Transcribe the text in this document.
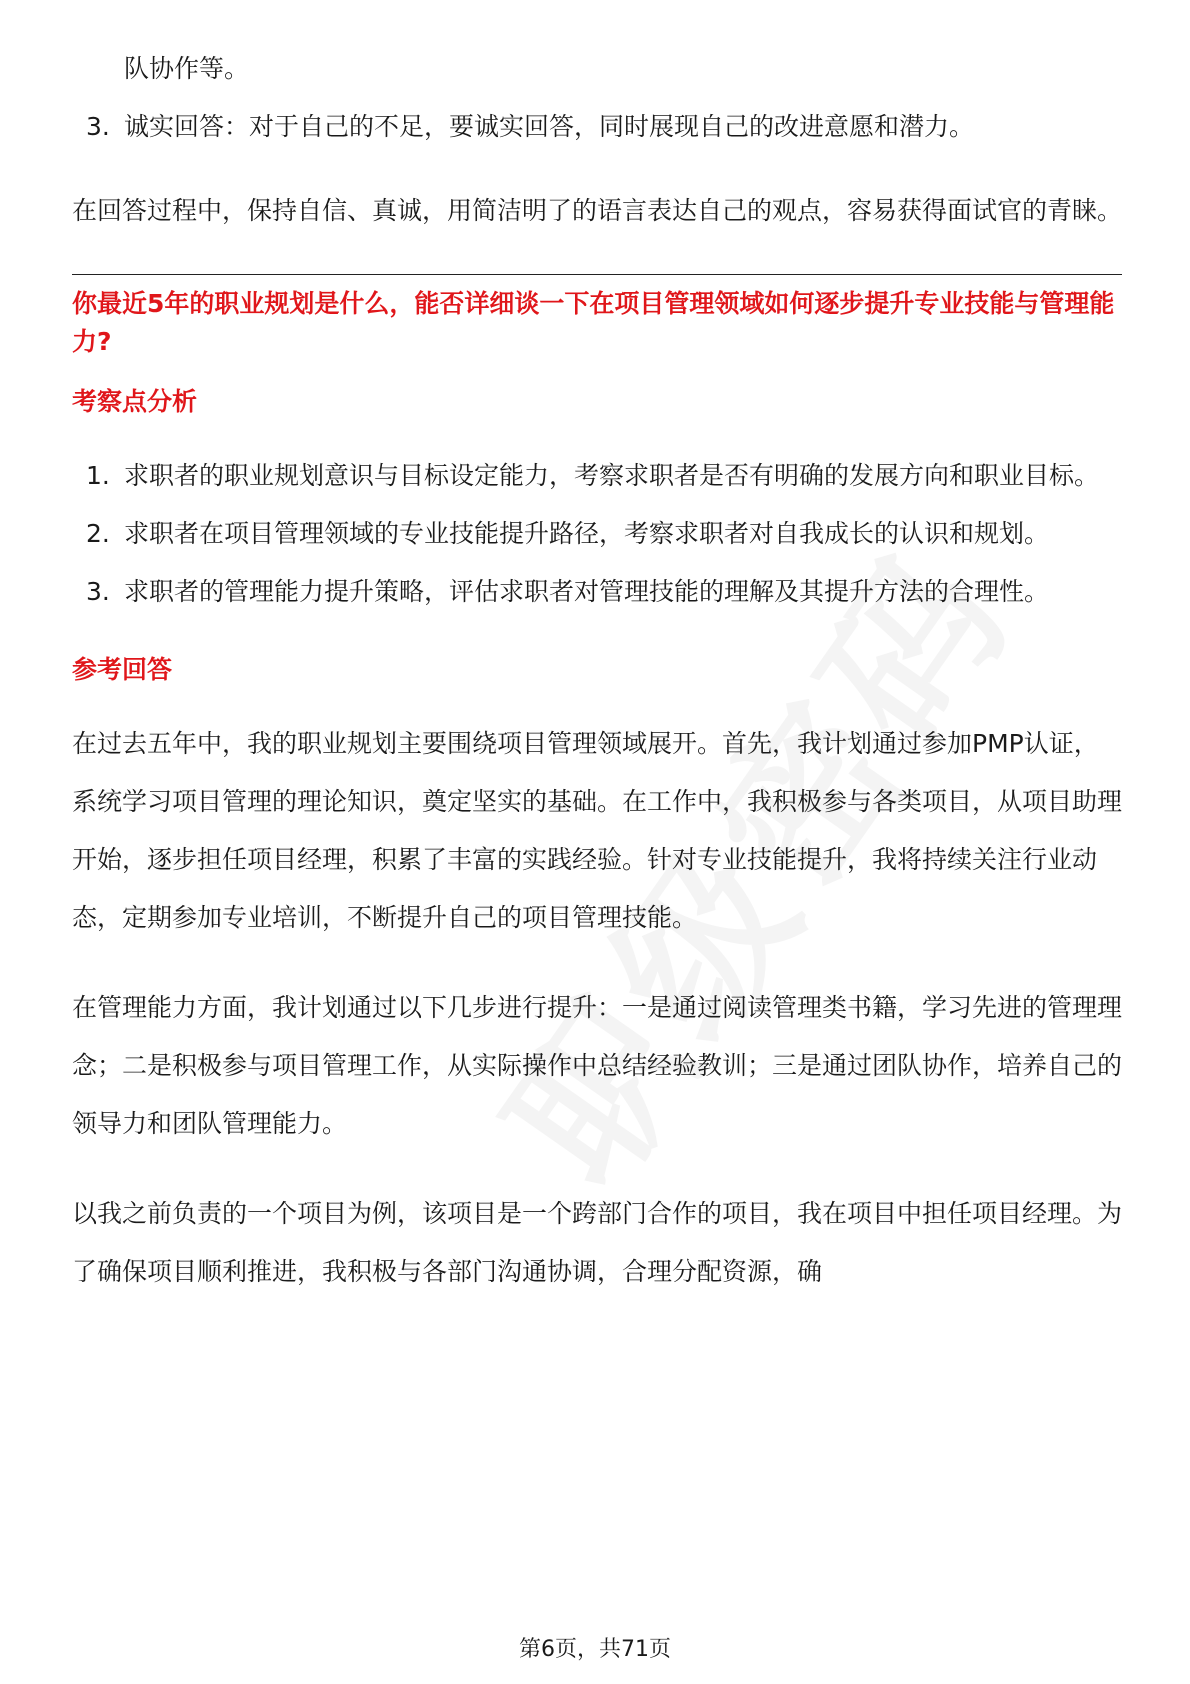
队协作等。

3. 诚实回答：对于自己的不足，要诚实回答，同时展现自己的改进意愿和潜力。

在回答过程中，保持自信、真诚，用简洁明了的语言表达自己的观点，容易获得面试官的青睐。

你最近5年的职业规划是什么，能否详细谈一下在项目管理领域如何逐步提升专业技能与管理能力?

考察点分析

1. 求职者的职业规划意识与目标设定能力，考察求职者是否有明确的发展方向和职业目标。
2. 求职者在项目管理领域的专业技能提升路径，考察求职者对自我成长的认识和规划。
3. 求职者的管理能力提升策略，评估求职者对管理技能的理解及其提升方法的合理性。

参考回答

在过去五年中，我的职业规划主要围绕项目管理领域展开。首先，我计划通过参加PMP认证，系统学习项目管理的理论知识，奠定坚实的基础。在工作中，我积极参与各类项目，从项目助理开始，逐步担任项目经理，积累了丰富的实践经验。针对专业技能提升，我将持续关注行业动态，定期参加专业培训，不断提升自己的项目管理技能。

在管理能力方面，我计划通过以下几步进行提升：一是通过阅读管理类书籍，学习先进的管理理念；二是积极参与项目管理工作，从实际操作中总结经验教训；三是通过团队协作，培养自己的领导力和团队管理能力。

以我之前负责的一个项目为例，该项目是一个跨部门合作的项目，我在项目中担任项目经理。为了确保项目顺利推进，我积极与各部门沟通协调，合理分配资源，确

第6页，共71页
